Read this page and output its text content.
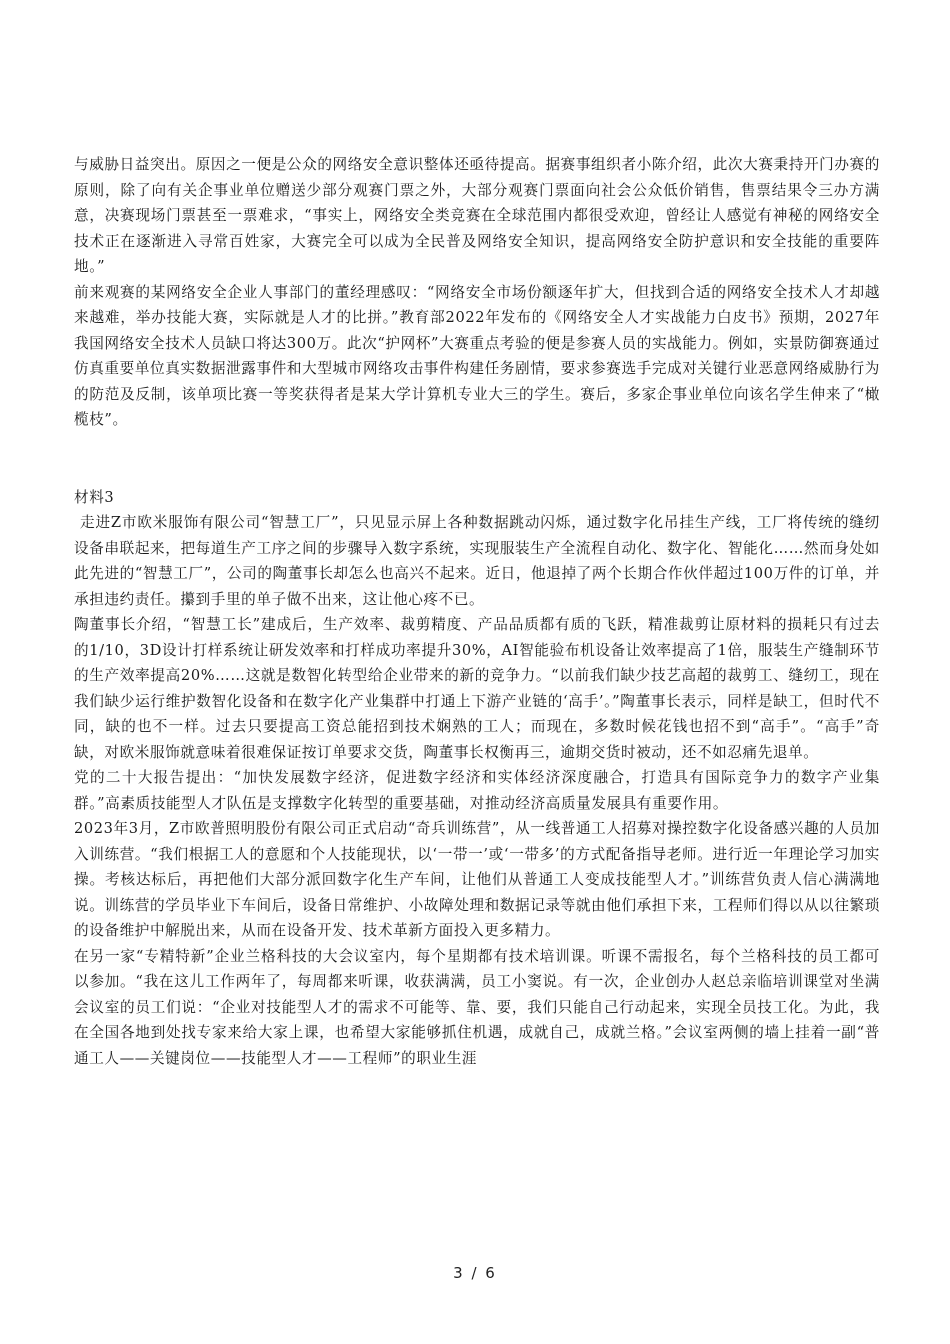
与威胁日益突出。原因之一便是公众的网络安全意识整体还亟待提高。据赛事组织者小陈介绍，此次大赛秉持开门办赛的原则，除了向有关企事业单位赠送少部分观赛门票之外，大部分观赛门票面向社会公众低价销售，售票结果令三办方满意，决赛现场门票甚至一票难求，“事实上，网络安全类竞赛在全球范围内都很受欢迎，曾经让人感觉有神秘的网络安全技术正在逐渐进入寻常百姓家，大赛完全可以成为全民普及网络安全知识，提高网络安全防护意识和安全技能的重要阵地。”

前来观赛的某网络安全企业人事部门的董经理感叹：“网络安全市场份额逐年扩大，但找到合适的网络安全技术人才却越来越难，举办技能大赛，实际就是人才的比拼。”教育部2022年发布的《网络安全人才实战能力白皮书》预期，2027年我国网络安全技术人员缺口将达300万。此次“护网杯”大赛重点考验的便是参赛人员的实战能力。例如，实景防御赛通过仿真重要单位真实数据泄露事件和大型城市网络攻击事件构建任务剧情，要求参赛选手完成对关键行业恶意网络威胁行为的防范及反制，该单项比赛一等奖获得者是某大学计算机专业大三的学生。赛后，多家企事业单位向该名学生伸来了“橄榄枝”。

材料3

走进Z市欧米服饰有限公司“智慧工厂”，只见显示屏上各种数据跳动闪烁，通过数字化吊挂生产线，工厂将传统的缝纫设备串联起来，把每道生产工序之间的步骤导入数字系统，实现服装生产全流程自动化、数字化、智能化……然而身处如此先进的“智慧工厂”，公司的陶董事长却怎么也高兴不起来。近日，他退掉了两个长期合作伙伴超过100万件的订单，并承担违约责任。攥到手里的单子做不出来，这让他心疼不已。

陶董事长介绍，“智慧工长”建成后，生产效率、裁剪精度、产品品质都有质的飞跃，精准裁剪让原材料的损耗只有过去的1/10，3D设计打样系统让研发效率和打样成功率提升30%，AI智能验布机设备让效率提高了1倍，服装生产缝制环节的生产效率提高20%……这就是数智化转型给企业带来的新的竞争力。“以前我们缺少技艺高超的裁剪工、缝纫工，现在我们缺少运行维护数智化设备和在数字化产业集群中打通上下游产业链的‘高手’。”陶董事长表示，同样是缺工，但时代不同，缺的也不一样。过去只要提高工资总能招到技术娴熟的工人；而现在，多数时候花钱也招不到“高手”。“高手”奇缺，对欧米服饰就意味着很难保证按订单要求交货，陶董事长权衡再三，逾期交货时被动，还不如忍痛先退单。

党的二十大报告提出：“加快发展数字经济，促进数字经济和实体经济深度融合，打造具有国际竞争力的数字产业集群。”高素质技能型人才队伍是支撑数字化转型的重要基础，对推动经济高质量发展具有重要作用。

2023年3月，Z市欧普照明股份有限公司正式启动“奇兵训练营”，从一线普通工人招募对操控数字化设备感兴趣的人员加入训练营。“我们根据工人的意愿和个人技能现状，以‘一带一’或‘一带多’的方式配备指导老师。进行近一年理论学习加实操。考核达标后，再把他们大部分派回数字化生产车间，让他们从普通工人变成技能型人才。”训练营负责人信心满满地说。训练营的学员毕业下车间后，设备日常维护、小故障处理和数据记录等就由他们承担下来，工程师们得以从以往繁琐的设备维护中解脱出来，从而在设备开发、技术革新方面投入更多精力。

在另一家“专精特新”企业兰格科技的大会议室内，每个星期都有技术培训课。听课不需报名，每个兰格科技的员工都可以参加。“我在这儿工作两年了，每周都来听课，收获满满，员工小窦说。有一次，企业创办人赵总亲临培训课堂对坐满会议室的员工们说：“企业对技能型人才的需求不可能等、靠、要，我们只能自己行动起来，实现全员技工化。为此，我在全国各地到处找专家来给大家上课，也希望大家能够抓住机遇，成就自己，成就兰格。”会议室两侧的墙上挂着一副“普通工人——关键岗位——技能型人才——工程师”的职业生涯

3 / 6
